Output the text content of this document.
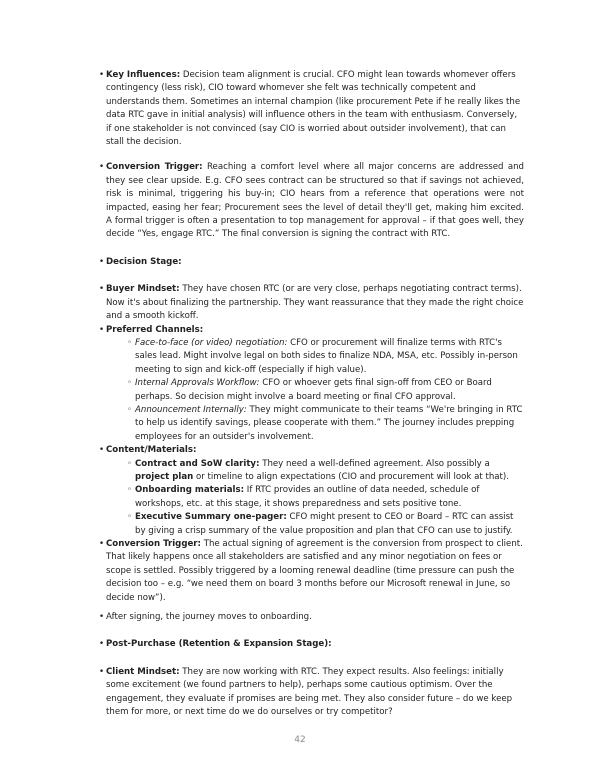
• Key Influences: Decision team alignment is crucial. CFO might lean towards whomever offers contingency (less risk), CIO toward whomever she felt was technically competent and understands them. Sometimes an internal champion (like procurement Pete if he really likes the data RTC gave in initial analysis) will influence others in the team with enthusiasm. Conversely, if one stakeholder is not convinced (say CIO is worried about outsider involvement), that can stall the decision.
• Conversion Trigger: Reaching a comfort level where all major concerns are addressed and they see clear upside. E.g. CFO sees contract can be structured so that if savings not achieved, risk is minimal, triggering his buy-in; CIO hears from a reference that operations were not impacted, easing her fear; Procurement sees the level of detail they'll get, making him excited. A formal trigger is often a presentation to top management for approval – if that goes well, they decide “Yes, engage RTC.” The final conversion is signing the contract with RTC.
• Decision Stage:
• Buyer Mindset: They have chosen RTC (or are very close, perhaps negotiating contract terms). Now it's about finalizing the partnership. They want reassurance that they made the right choice and a smooth kickoff.
• Preferred Channels:
◦ Face-to-face (or video) negotiation: CFO or procurement will finalize terms with RTC's sales lead. Might involve legal on both sides to finalize NDA, MSA, etc. Possibly in-person meeting to sign and kick-off (especially if high value).
◦ Internal Approvals Workflow: CFO or whoever gets final sign-off from CEO or Board perhaps. So decision might involve a board meeting or final CFO approval.
◦ Announcement Internally: They might communicate to their teams “We're bringing in RTC to help us identify savings, please cooperate with them.” The journey includes prepping employees for an outsider's involvement.
• Content/Materials:
◦ Contract and SoW clarity: They need a well-defined agreement. Also possibly a project plan or timeline to align expectations (CIO and procurement will look at that).
◦ Onboarding materials: If RTC provides an outline of data needed, schedule of workshops, etc. at this stage, it shows preparedness and sets positive tone.
◦ Executive Summary one-pager: CFO might present to CEO or Board – RTC can assist by giving a crisp summary of the value proposition and plan that CFO can use to justify.
• Conversion Trigger: The actual signing of agreement is the conversion from prospect to client. That likely happens once all stakeholders are satisfied and any minor negotiation on fees or scope is settled. Possibly triggered by a looming renewal deadline (time pressure can push the decision too – e.g. “we need them on board 3 months before our Microsoft renewal in June, so decide now”).
• After signing, the journey moves to onboarding.
• Post-Purchase (Retention & Expansion Stage):
• Client Mindset: They are now working with RTC. They expect results. Also feelings: initially some excitement (we found partners to help), perhaps some cautious optimism. Over the engagement, they evaluate if promises are being met. They also consider future – do we keep them for more, or next time do we do ourselves or try competitor?
42
